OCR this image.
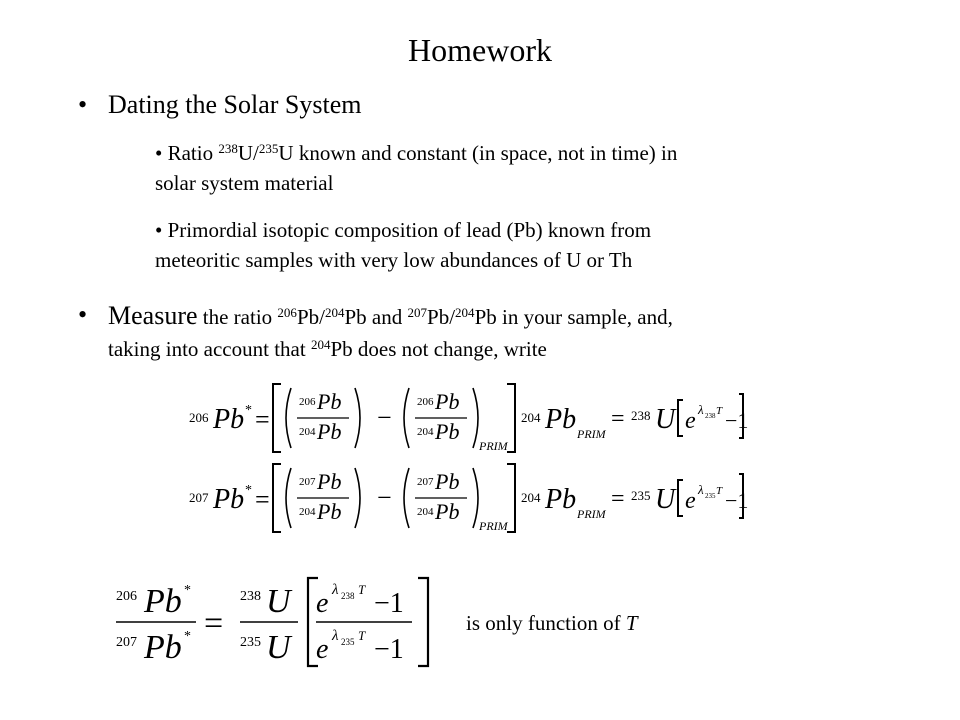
Homework
• Dating the Solar System
• Ratio $^{238}$U/$^{235}$U known and constant (in space, not in time) in
solar system material
• Primordial isotopic composition of lead (Pb) known from
meteoritic samples with very low abundances of U or Th
• Measure the ratio $^{206}$Pb/$^{204}$Pb and $^{207}$Pb/$^{204}$Pb in your sample, and,
taking into account that $^{204}$Pb does not change, write
206 Pb * =
206 Pb
204 Pb −
206 Pb
204 Pb
PRIM
204 Pb PRIM
= 238 U e λ 238 T −1
207 Pb * =
207 Pb
204 Pb −
207 Pb
204 Pb
PRIM
204 Pb PRIM
= 235 U e λ 235 T −1
206 Pb *
207 Pb * =
238 U
235 U
e λ 238 T −1
e λ 235 T −1
is only function of T
